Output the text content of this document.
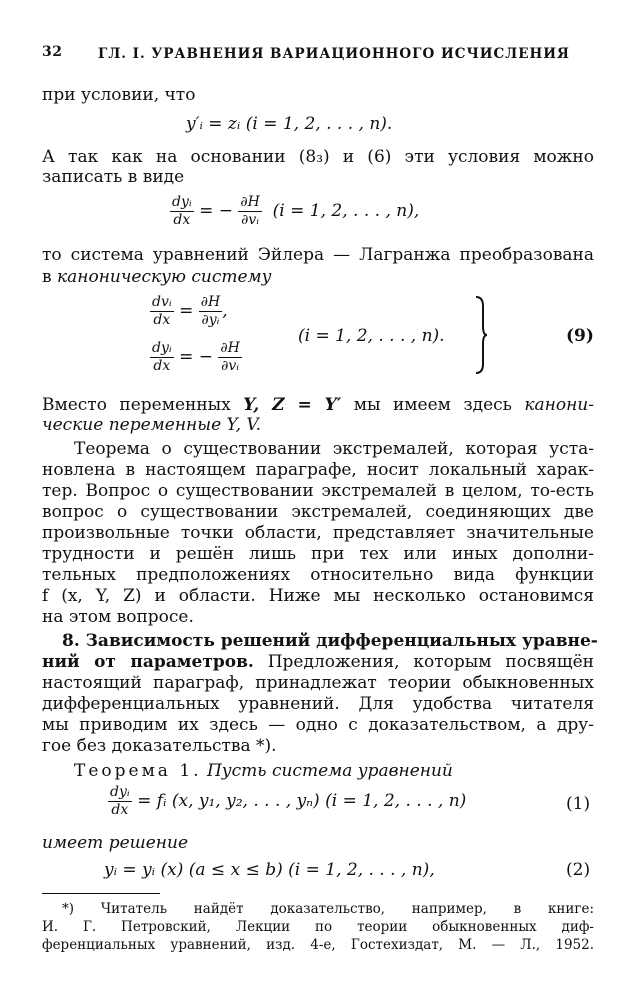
32	ГЛ. I. УРАВНЕНИЯ ВАРИАЦИОННОГО ИСЧИСЛЕНИЯ
при условии, что
y′ᵢ = zᵢ (i = 1, 2, . . . , n).
А так как на основании (8₃) и (6) эти условия можно
записать в виде
$\frac{\text{dyᵢ}}{dx}$ = − $\frac{\partial H}{\text{∂vᵢ}} (i = 1$, 2, . . . , n),
то система уравнений Эйлера — Лагранжа преобразована
в каноническую систему
$\frac{\text{dvᵢ}}{dx} = \frac{\partial H}{\text{∂yᵢ}}$ ,
$\frac{\text{dyᵢ}}{dx}$ = − $\frac{\partial H}{\text{∂vᵢ}}$
(i = 1, 2, . . . , n).	(9)
Вместо переменных Y, Z = Y′ мы имеем здесь канони-
ческие переменные Y, V.
Теорема о существовании экстремалей, которая уста-
новлена в настоящем параграфе, носит локальный харак-
тер. Вопрос о существовании экстремалей в целом, то-есть
вопрос о существовании экстремалей, соединяющих две
произвольные точки области, представляет значительные
трудности и решён лишь при тех или иных дополни-
тельных предположениях относительно вида функции
f (x, Y, Z) и области. Ниже мы несколько остановимся
на этом вопросе.
8. Зависимость решений дифференциальных уравне-
ний от параметров. Предложения, которым посвящён
настоящий параграф, принадлежат теории обыкновенных
дифференциальных уравнений. Для удобства читателя
мы приводим их здесь — одно с доказательством, а дру-
гое без доказательства *).
Теорема 1. Пусть система уравнений
$\frac{\text{dyᵢ}}{dx}$ = fᵢ (x, y₁, y₂, . . . , yₙ) (i = 1, 2, . . . , n)	(1)
имеет решение
yᵢ = yᵢ (x) (a ≤ x ≤ b) (i = 1, 2, . . . , n),	(2)
*) Читатель найдёт доказательство, например, в книге:
И. Г. Петровский, Лекции по теории обыкновенных диф-
ференциальных уравнений, изд. 4-е, Гостехиздат, М. — Л., 1952.
